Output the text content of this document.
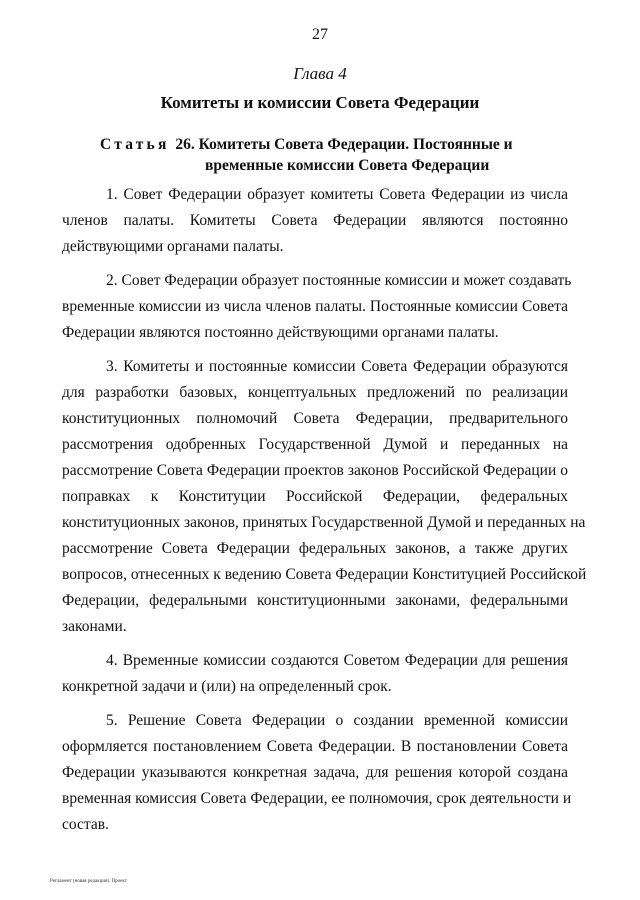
27
Глава 4
Комитеты и комиссии Совета Федерации
Статья 26. Комитеты Совета Федерации. Постоянные и
временные комиссии Совета Федерации
1. Совет Федерации образует комитеты Совета Федерации из числа
членов палаты. Комитеты Совета Федерации являются постоянно
действующими органами палаты.
2. Совет Федерации образует постоянные комиссии и может создавать
временные комиссии из числа членов палаты. Постоянные комиссии Совета
Федерации являются постоянно действующими органами палаты.
3. Комитеты и постоянные комиссии Совета Федерации образуются
для разработки базовых, концептуальных предложений по реализации
конституционных полномочий Совета Федерации, предварительного
рассмотрения одобренных Государственной Думой и переданных на
рассмотрение Совета Федерации проектов законов Российской Федерации о
поправках к Конституции Российской Федерации, федеральных
конституционных законов, принятых Государственной Думой и переданных на
рассмотрение Совета Федерации федеральных законов, а также других
вопросов, отнесенных к ведению Совета Федерации Конституцией Российской
Федерации, федеральными конституционными законами, федеральными
законами.
4. Временные комиссии создаются Советом Федерации для решения
конкретной задачи и (или) на определенный срок.
5. Решение Совета Федерации о создании временной комиссии
оформляется постановлением Совета Федерации. В постановлении Совета
Федерации указываются конкретная задача, для решения которой создана
временная комиссия Совета Федерации, ее полномочия, срок деятельности и
состав.
Регламент (новая редакция). Проект
